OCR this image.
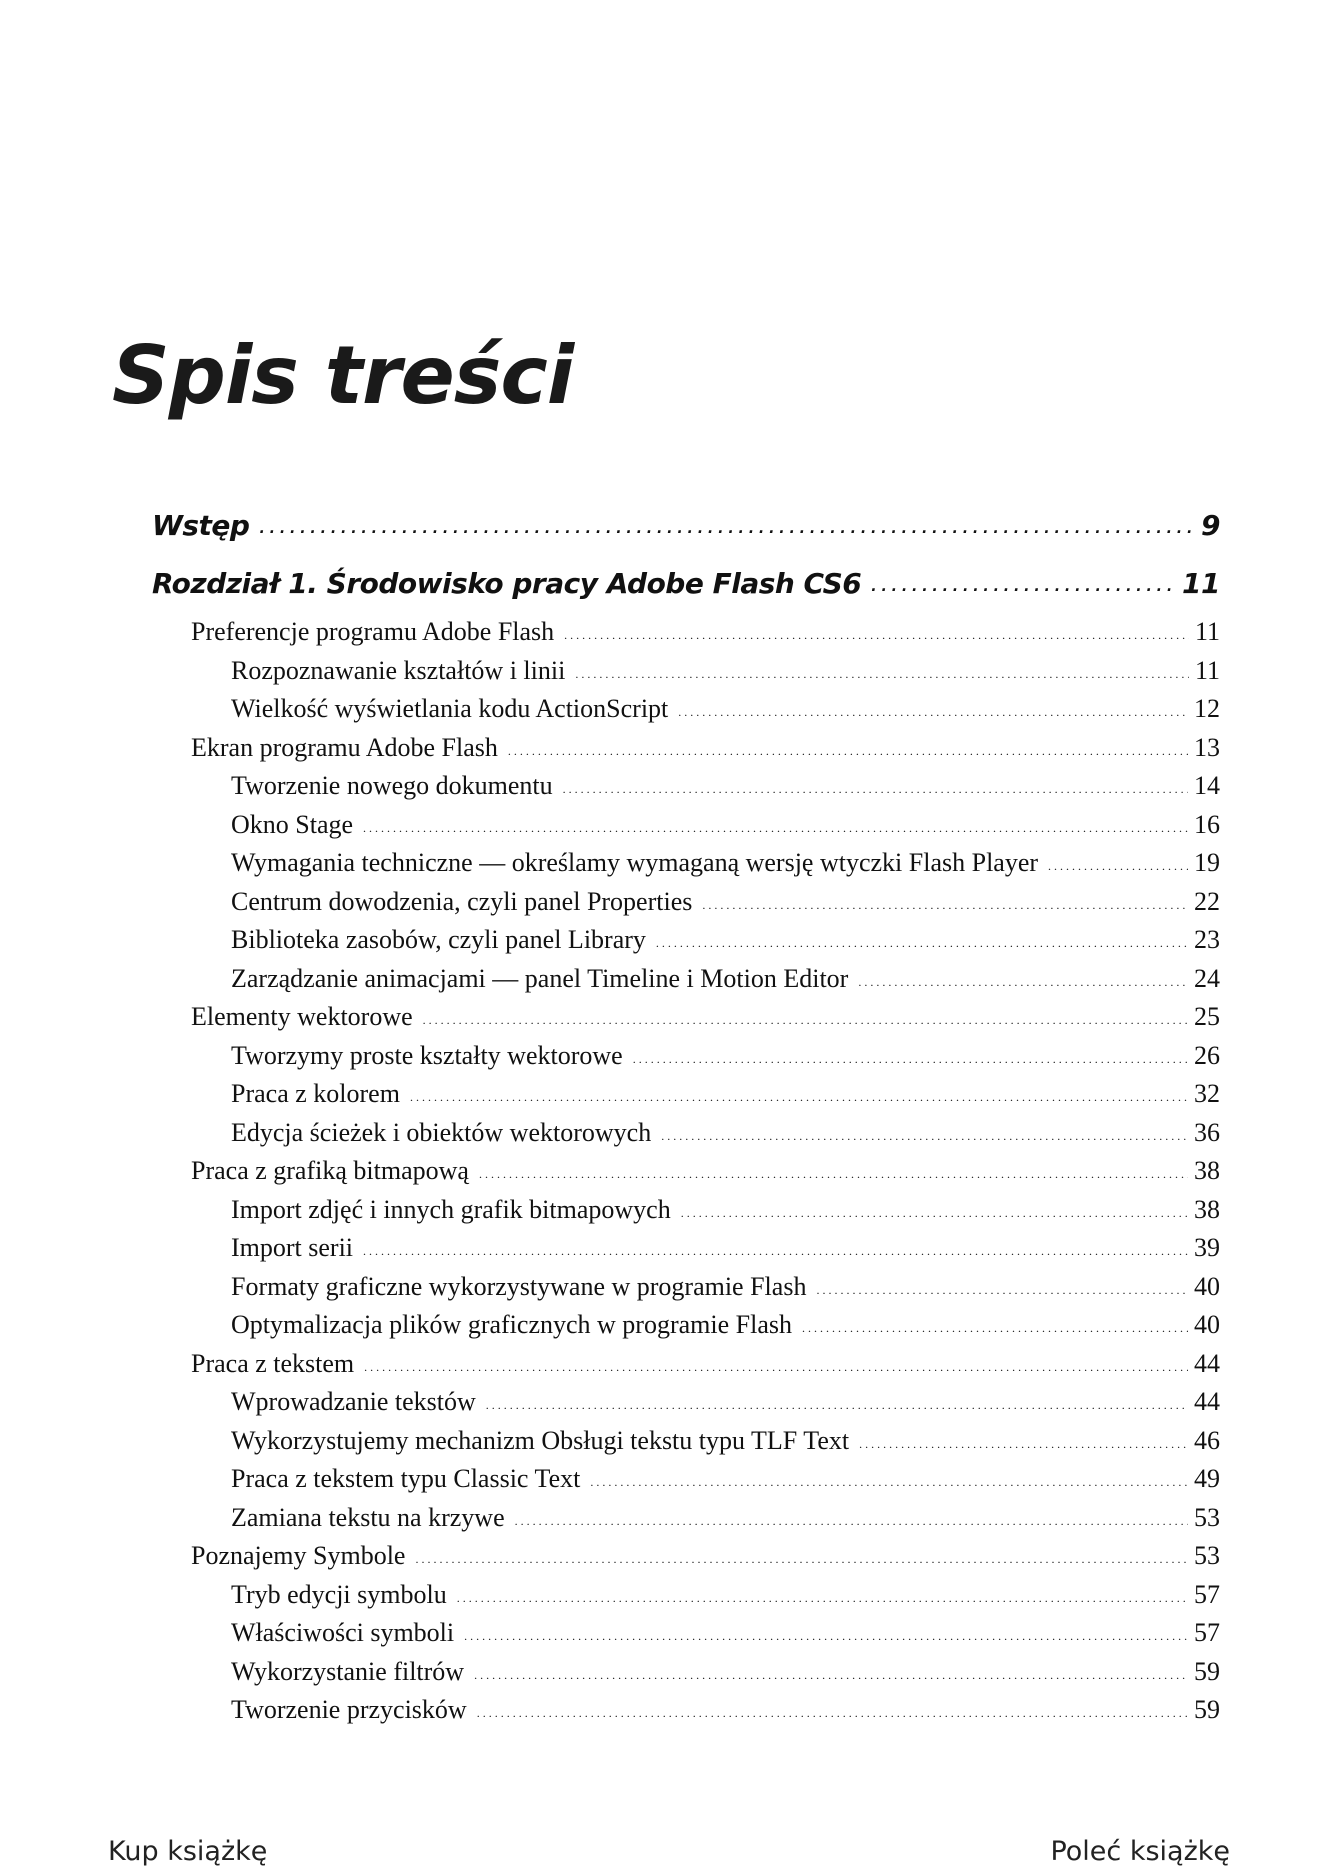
Spis treści
Wstęp . . .	9
Rozdział 1. Środowisko pracy Adobe Flash CS6 . . .	11
Preferencje programu Adobe Flash . . .	11
Rozpoznawanie kształtów i linii . . .	11
Wielkość wyświetlania kodu ActionScript . . .	12
Ekran programu Adobe Flash . . .	13
Tworzenie nowego dokumentu . . .	14
Okno Stage . . .	16
Wymagania techniczne — określamy wymaganą wersję wtyczki Flash Player . . .	19
Centrum dowodzenia, czyli panel Properties . . .	22
Biblioteka zasobów, czyli panel Library . . .	23
Zarządzanie animacjami — panel Timeline i Motion Editor . . .	24
Elementy wektorowe . . .	25
Tworzymy proste kształty wektorowe . . .	26
Praca z kolorem . . .	32
Edycja ścieżek i obiektów wektorowych . . .	36
Praca z grafiką bitmapową . . .	38
Import zdjęć i innych grafik bitmapowych . . .	38
Import serii . . .	39
Formaty graficzne wykorzystywane w programie Flash . . .	40
Optymalizacja plików graficznych w programie Flash . . .	40
Praca z tekstem . . .	44
Wprowadzanie tekstów . . .	44
Wykorzystujemy mechanizm Obsługi tekstu typu TLF Text . . .	46
Praca z tekstem typu Classic Text . . .	49
Zamiana tekstu na krzywe . . .	53
Poznajemy Symbole . . .	53
Tryb edycji symbolu . . .	57
Właściwości symboli . . .	57
Wykorzystanie filtrów . . .	59
Tworzenie przycisków . . .	59
Kup książkę	Poleć książkę
